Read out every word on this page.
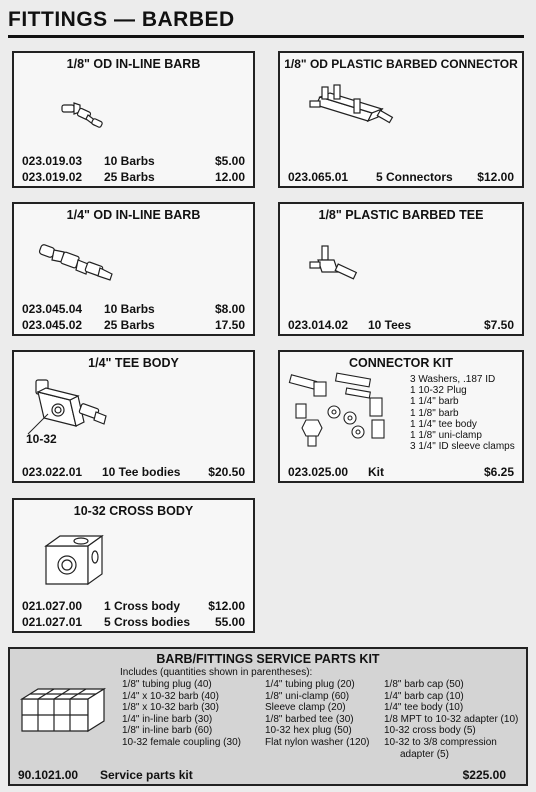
FITTINGS — BARBED
1/8" OD IN-LINE BARB
023.019.03 10 Barbs	$5.00
023.019.02 25 Barbs	12.00
1/8" OD PLASTIC BARBED CONNECTOR
023.065.01 5 Connectors $12.00
1/4" OD IN-LINE BARB
023.045.04 10 Barbs	$8.00
023.045.02 25 Barbs	17.50
1/8" PLASTIC BARBED TEE
023.014.02 10 Tees	$7.50
1/4" TEE BODY
10-32
023.022.01 10 Tee bodies $20.50
CONNECTOR KIT
3 Washers, .187 ID
1 10-32 Plug
1 1/4" barb
1 1/8" barb
1 1/4" tee body
1 1/8" uni-clamp
3 1/4" ID sleeve clamps
023.025.00 Kit	$6.25
10-32 CROSS BODY
021.027.00 1 Cross body $12.00
021.027.01 5 Cross bodies 55.00
BARB/FITTINGS SERVICE PARTS KIT
Includes (quantities shown in parentheses):
1/8" tubing plug (40)
1/4" x 10-32 barb (40)
1/8" x 10-32 barb (30)
1/4" in-line barb (30)
1/8" in-line barb (60)
10-32 female coupling (30)
1/4" tubing plug (20)
1/8" uni-clamp (60)
Sleeve clamp (20)
1/8" barbed tee (30)
10-32 hex plug (50)
Flat nylon washer (120)
1/8" barb cap (50)
1/4" barb cap (10)
1/4" tee body (10)
1/8 MPT to 10-32 adapter (10)
10-32 cross body (5)
10-32 to 3/8 compression
adapter (5)
90.1021.00 Service parts kit	$225.00
